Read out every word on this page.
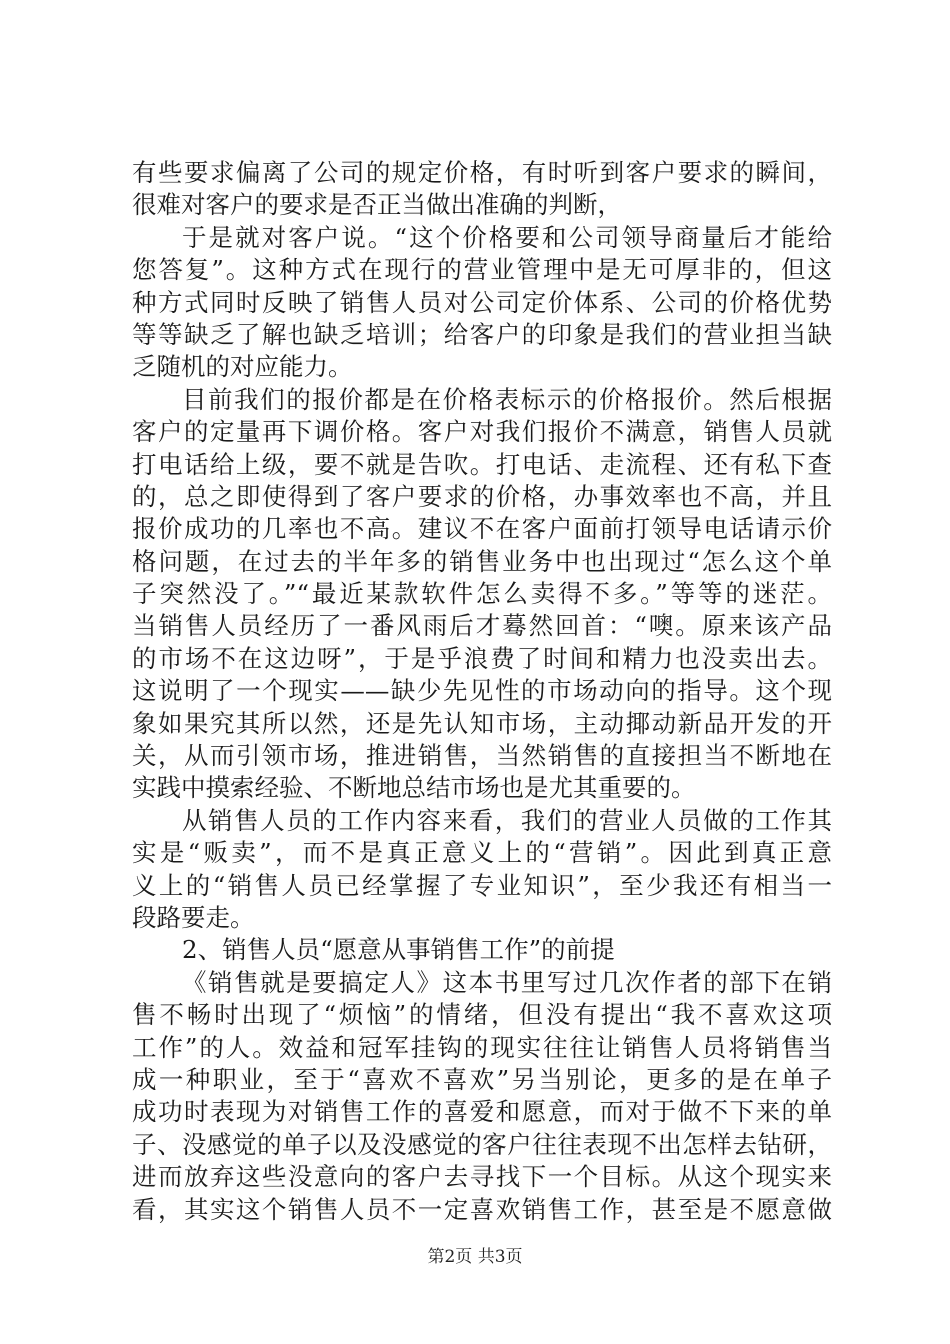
有些要求偏离了公司的规定价格，有时听到客户要求的瞬间，
很难对客户的要求是否正当做出准确的判断，
于是就对客户说。“这个价格要和公司领导商量后才能给
您答复”。这种方式在现行的营业管理中是无可厚非的，但这
种方式同时反映了销售人员对公司定价体系、公司的价格优势
等等缺乏了解也缺乏培训；给客户的印象是我们的营业担当缺
乏随机的对应能力。
目前我们的报价都是在价格表标示的价格报价。然后根据
客户的定量再下调价格。客户对我们报价不满意，销售人员就
打电话给上级，要不就是告吹。打电话、走流程、还有私下查
的，总之即使得到了客户要求的价格，办事效率也不高，并且
报价成功的几率也不高。建议不在客户面前打领导电话请示价
格问题，在过去的半年多的销售业务中也出现过“怎么这个单
子突然没了。”“最近某款软件怎么卖得不多。”等等的迷茫。
当销售人员经历了一番风雨后才蓦然回首：“噢。原来该产品
的市场不在这边呀”，于是乎浪费了时间和精力也没卖出去。
这说明了一个现实——缺少先见性的市场动向的指导。这个现
象如果究其所以然，还是先认知市场，主动揶动新品开发的开
关，从而引领市场，推进销售，当然销售的直接担当不断地在
实践中摸索经验、不断地总结市场也是尤其重要的。
从销售人员的工作内容来看，我们的营业人员做的工作其
实是“贩卖”，而不是真正意义上的“营销”。因此到真正意
义上的“销售人员已经掌握了专业知识”，至少我还有相当一
段路要走。
2、销售人员“愿意从事销售工作”的前提
《销售就是要搞定人》这本书里写过几次作者的部下在销
售不畅时出现了“烦恼”的情绪，但没有提出“我不喜欢这项
工作”的人。效益和冠军挂钩的现实往往让销售人员将销售当
成一种职业，至于“喜欢不喜欢”另当别论，更多的是在单子
成功时表现为对销售工作的喜爱和愿意，而对于做不下来的单
子、没感觉的单子以及没感觉的客户往往表现不出怎样去钻研，
进而放弃这些没意向的客户去寻找下一个目标。从这个现实来
看，其实这个销售人员不一定喜欢销售工作，甚至是不愿意做
第2页 共3页
